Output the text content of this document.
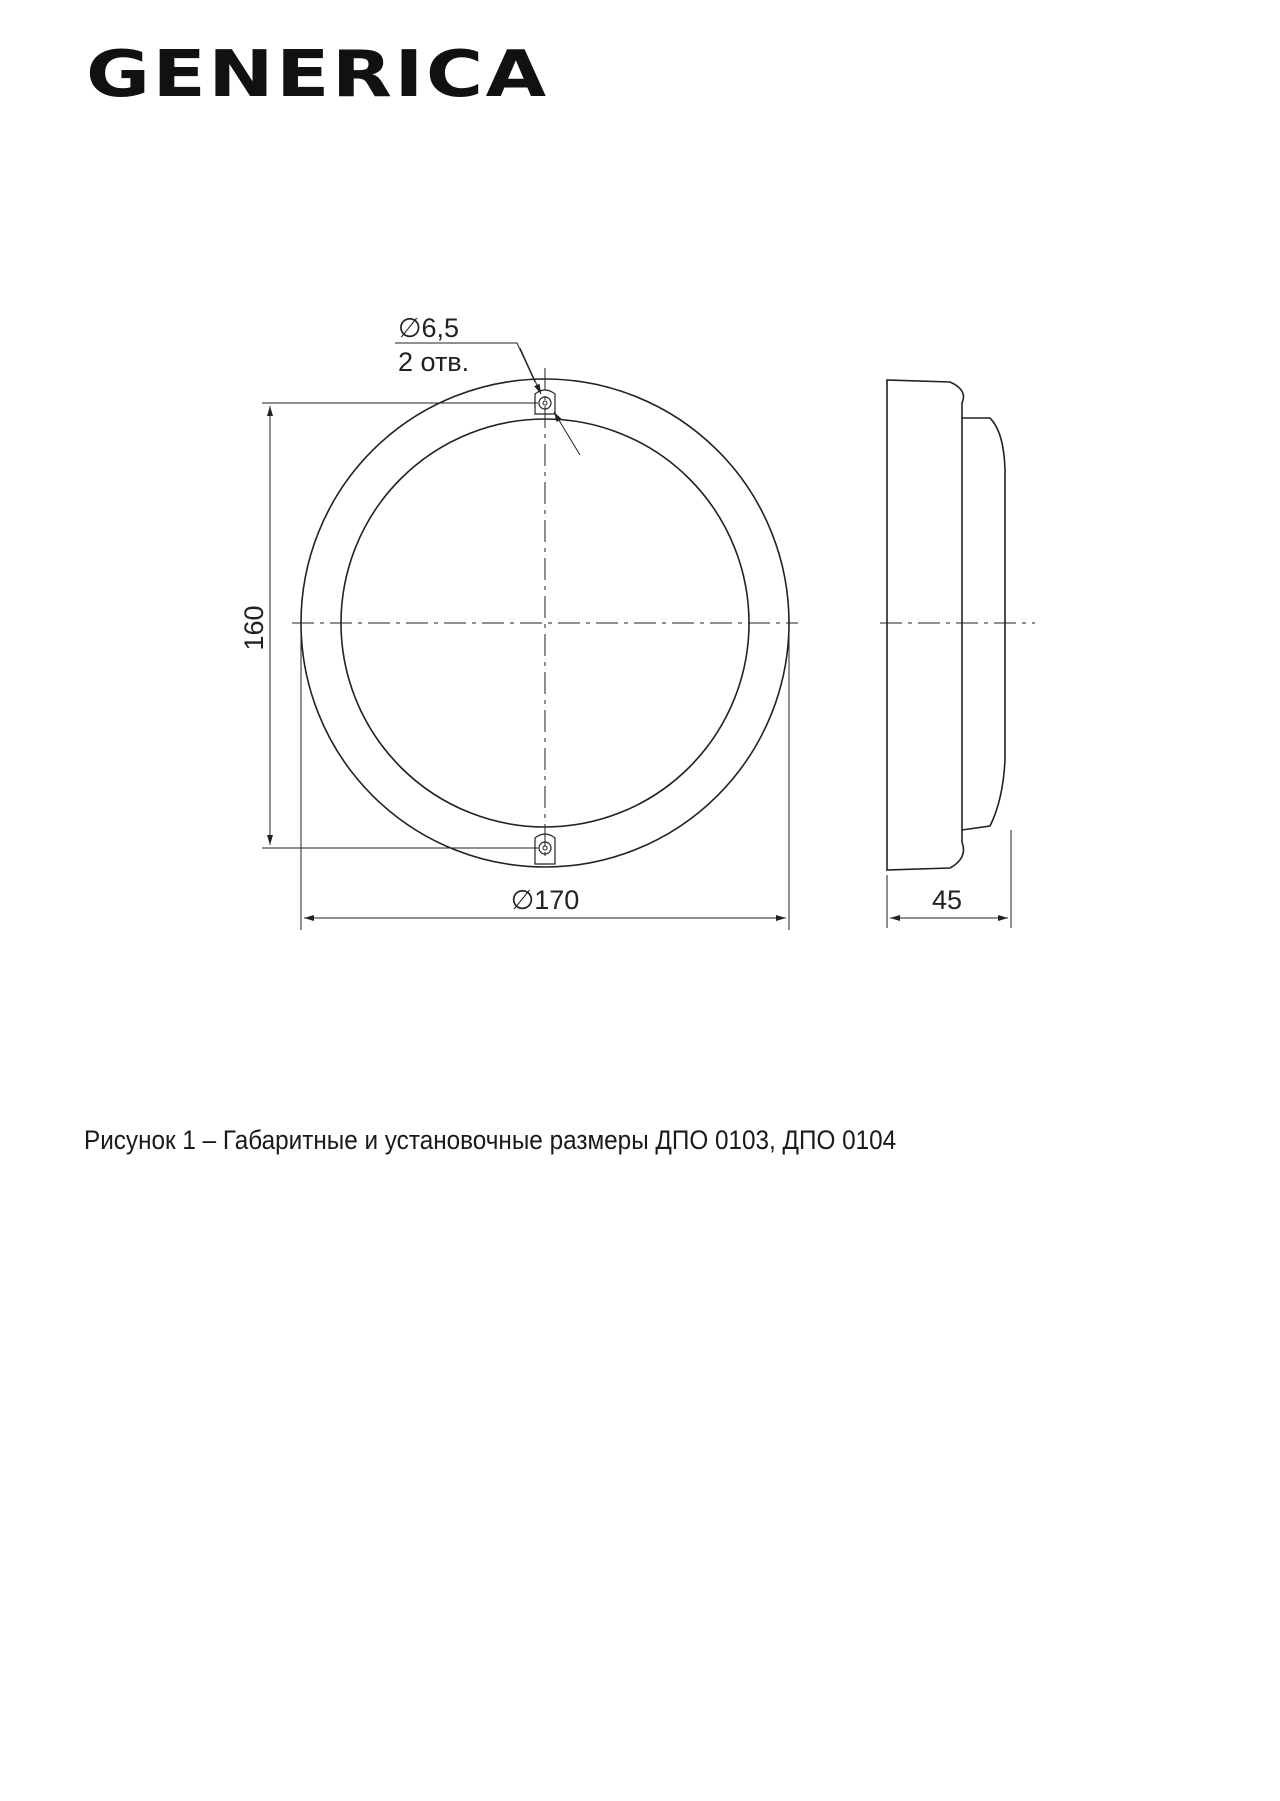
GENERICA
∅6,5
2 отв.
160
∅170	45
Рисунок 1 – Габаритные и установочные размеры ДПО 0103, ДПО 0104
